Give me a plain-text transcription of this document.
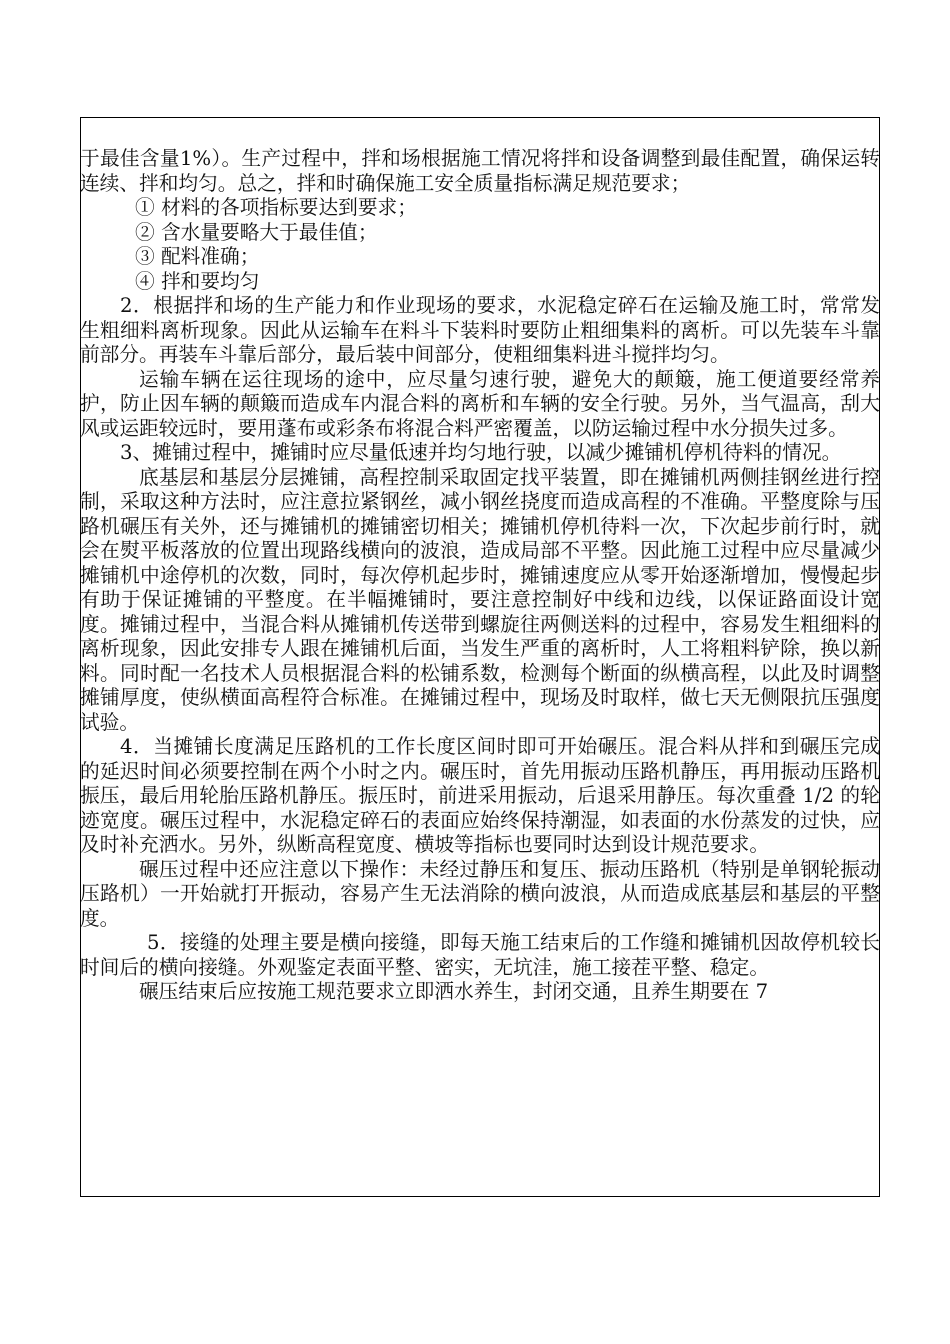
于最佳含量1%）。生产过程中，拌和场根据施工情况将拌和设备调整到最佳配置，确保运转连续、拌和均匀。总之，拌和时确保施工安全质量指标满足规范要求；

① 材料的各项指标要达到要求；

② 含水量要略大于最佳值；

③ 配料准确；

④ 拌和要均匀

2．根据拌和场的生产能力和作业现场的要求，水泥稳定碎石在运输及施工时，常常发生粗细料离析现象。因此从运输车在料斗下装料时要防止粗细集料的离析。可以先装车斗靠前部分。再装车斗靠后部分，最后装中间部分，使粗细集料进斗搅拌均匀。

运输车辆在运往现场的途中，应尽量匀速行驶，避免大的颠簸，施工便道要经常养护，防止因车辆的颠簸而造成车内混合料的离析和车辆的安全行驶。另外，当气温高，刮大风或运距较远时，要用蓬布或彩条布将混合料严密覆盖，以防运输过程中水分损失过多。

3、摊铺过程中，摊铺时应尽量低速并均匀地行驶，以减少摊铺机停机待料的情况。

底基层和基层分层摊铺，高程控制采取固定找平装置，即在摊铺机两侧挂钢丝进行控制，采取这种方法时，应注意拉紧钢丝，减小钢丝挠度而造成高程的不准确。平整度除与压路机碾压有关外，还与摊铺机的摊铺密切相关；摊铺机停机待料一次，下次起步前行时，就会在熨平板落放的位置出现路线横向的波浪，造成局部不平整。因此施工过程中应尽量减少摊铺机中途停机的次数，同时，每次停机起步时，摊铺速度应从零开始逐渐增加，慢慢起步有助于保证摊铺的平整度。在半幅摊铺时，要注意控制好中线和边线，以保证路面设计宽度。摊铺过程中，当混合料从摊铺机传送带到螺旋往两侧送料的过程中，容易发生粗细料的离析现象，因此安排专人跟在摊铺机后面，当发生严重的离析时，人工将粗料铲除，换以新料。同时配一名技术人员根据混合料的松铺系数，检测每个断面的纵横高程，以此及时调整摊铺厚度，使纵横面高程符合标准。在摊铺过程中，现场及时取样，做七天无侧限抗压强度试验。

4．当摊铺长度满足压路机的工作长度区间时即可开始碾压。混合料从拌和到碾压完成的延迟时间必须要控制在两个小时之内。碾压时，首先用振动压路机静压，再用振动压路机振压，最后用轮胎压路机静压。振压时，前进采用振动，后退采用静压。每次重叠 1/2 的轮迹宽度。碾压过程中，水泥稳定碎石的表面应始终保持潮湿，如表面的水份蒸发的过快，应及时补充洒水。另外，纵断高程宽度、横坡等指标也要同时达到设计规范要求。

碾压过程中还应注意以下操作：未经过静压和复压、振动压路机（特别是单钢轮振动压路机）一开始就打开振动，容易产生无法消除的横向波浪，从而造成底基层和基层的平整度。

5．接缝的处理主要是横向接缝，即每天施工结束后的工作缝和摊铺机因故停机较长时间后的横向接缝。外观鉴定表面平整、密实，无坑洼，施工接茬平整、稳定。

碾压结束后应按施工规范要求立即洒水养生，封闭交通，且养生期要在 7
